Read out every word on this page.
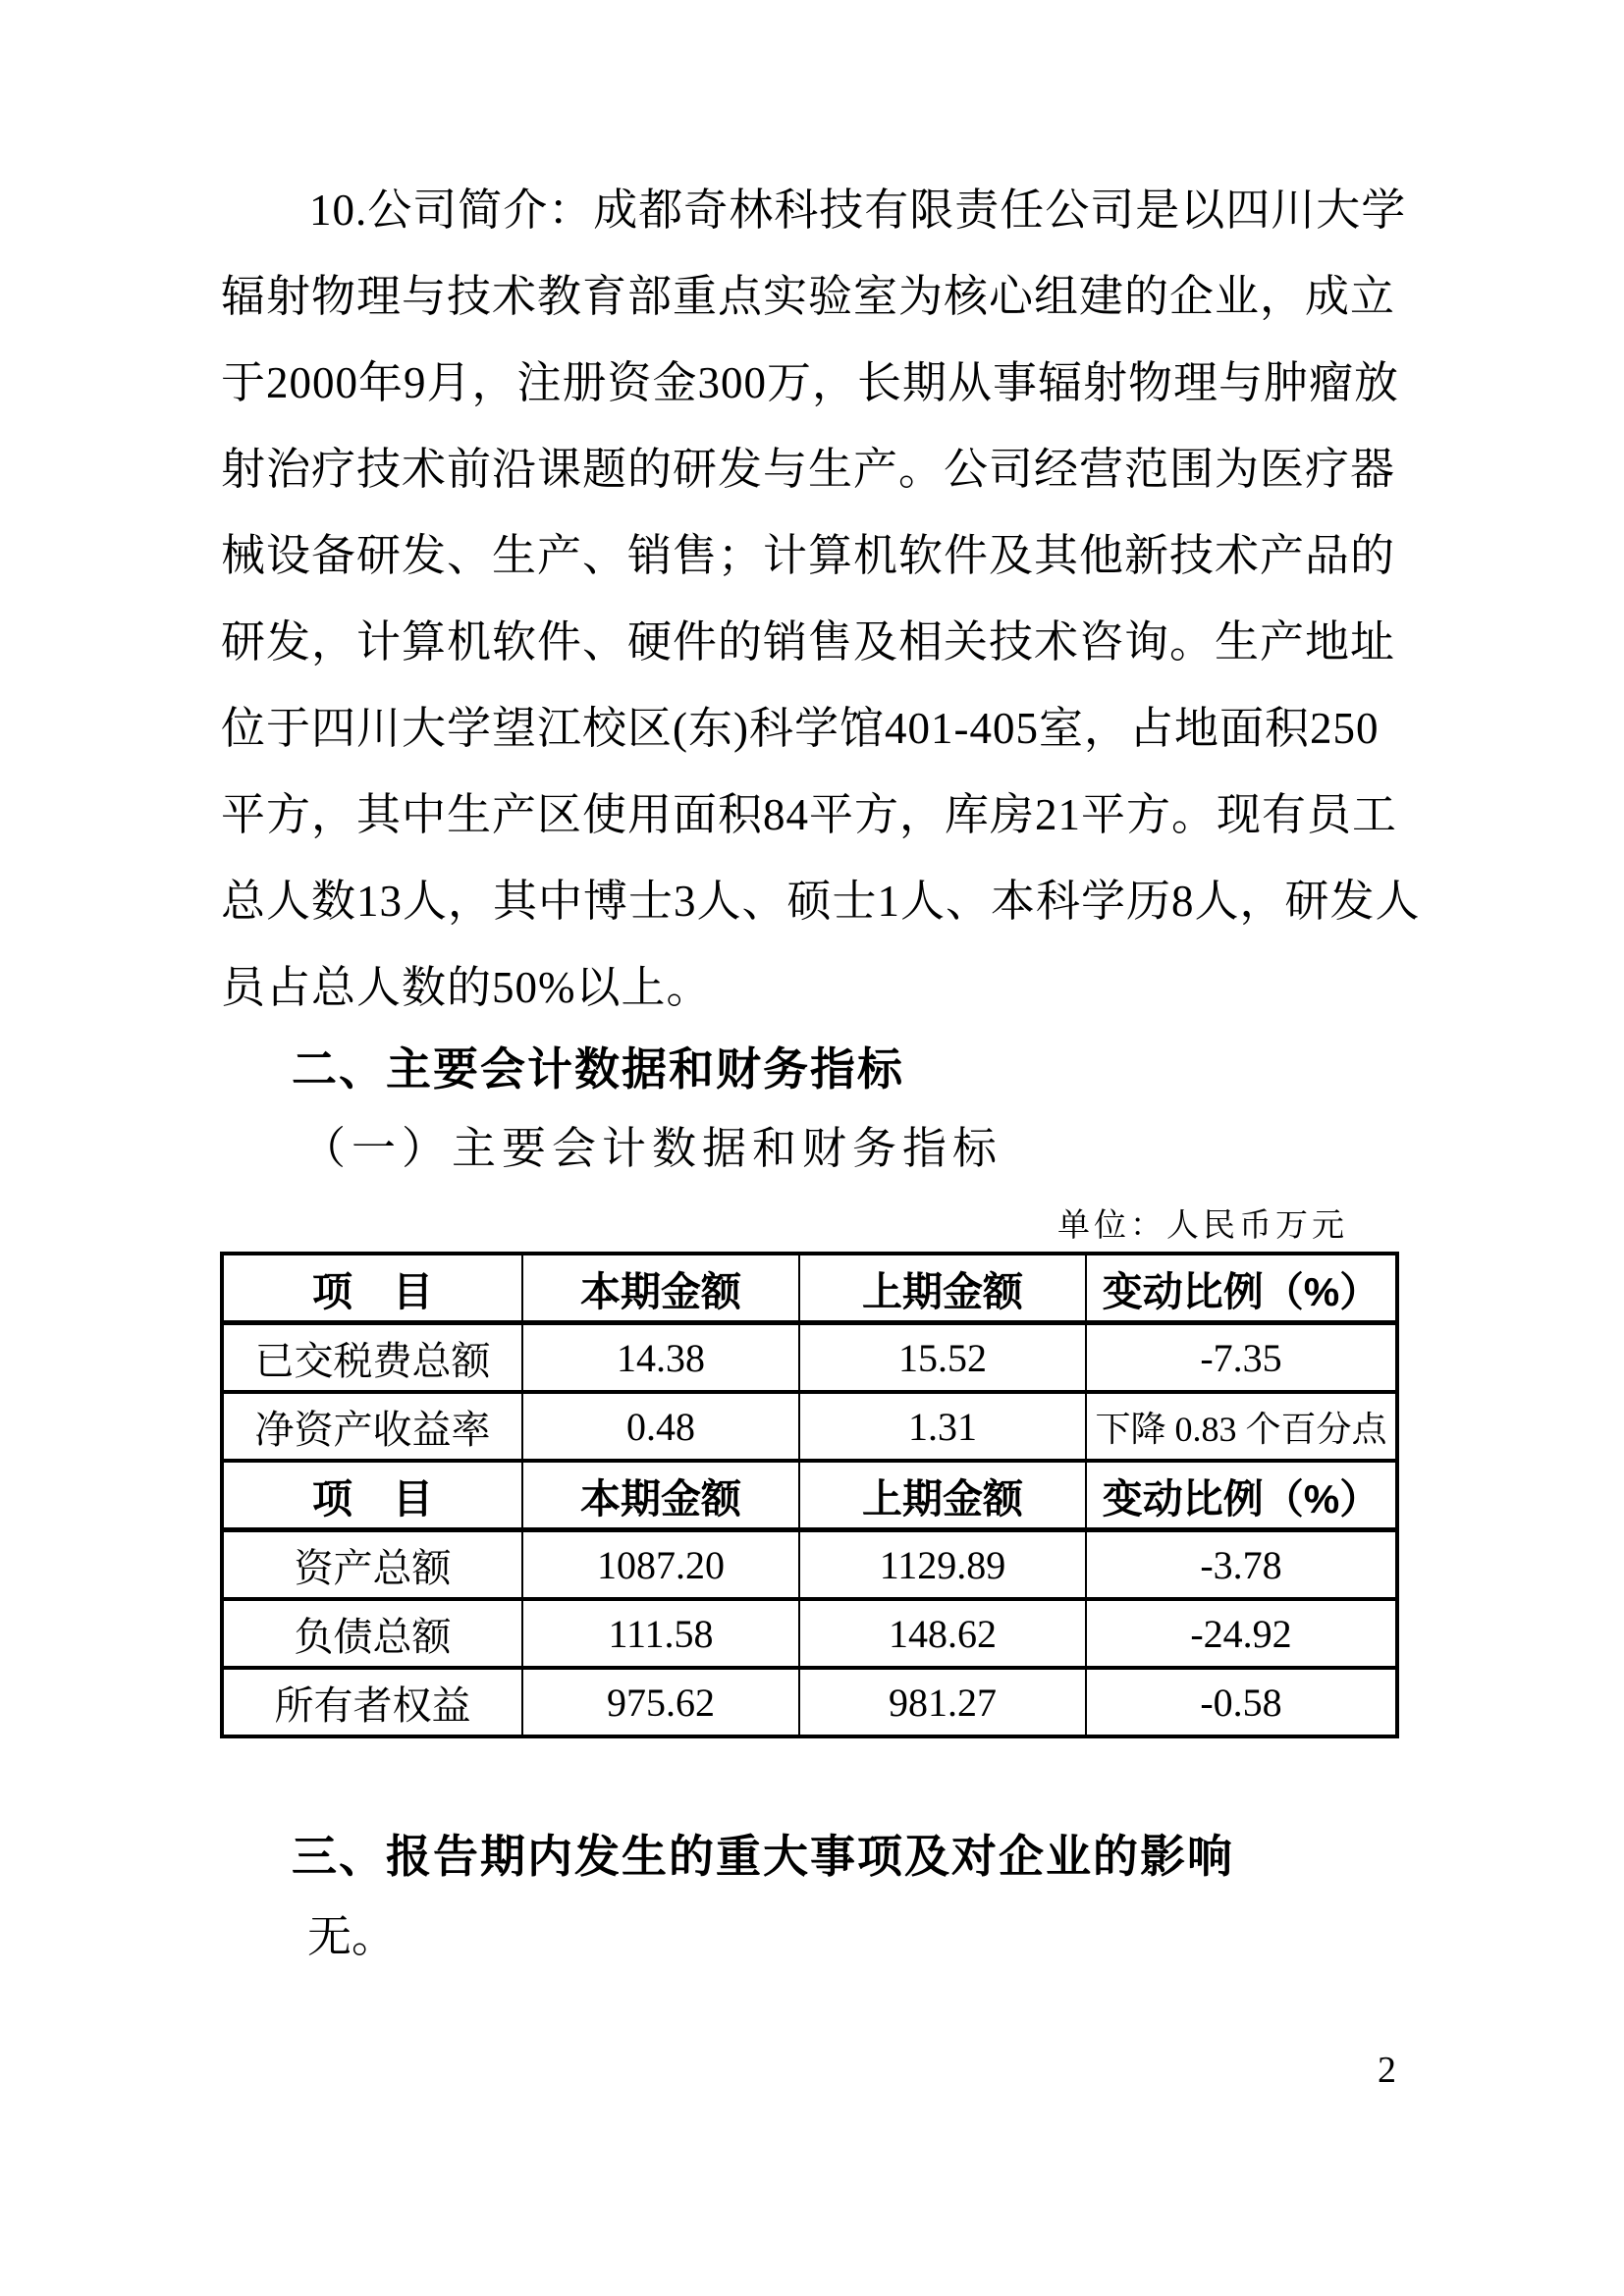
10.公司简介：成都奇林科技有限责任公司是以四川大学
辐射物理与技术教育部重点实验室为核心组建的企业，成立
于2000年9月，注册资金300万，长期从事辐射物理与肿瘤放
射治疗技术前沿课题的研发与生产。公司经营范围为医疗器
械设备研发、生产、销售；计算机软件及其他新技术产品的
研发，计算机软件、硬件的销售及相关技术咨询。生产地址
位于四川大学望江校区(东)科学馆401-405室，占地面积250
平方，其中生产区使用面积84平方，库房21平方。现有员工
总人数13人，其中博士3人、硕士1人、本科学历8人，研发人
员占总人数的50%以上。
二、主要会计数据和财务指标
（一）主要会计数据和财务指标
单位：人民币万元
项　目	本期金额	上期金额	变动比例（%）
已交税费总额	14.38	15.52	-7.35
净资产收益率	0.48	1.31	下降 0.83 个百分点
项　目	本期金额	上期金额	变动比例（%）
资产总额	1087.20	1129.89	-3.78
负债总额	111.58	148.62	-24.92
所有者权益	975.62	981.27	-0.58
三、报告期内发生的重大事项及对企业的影响
无。
2
